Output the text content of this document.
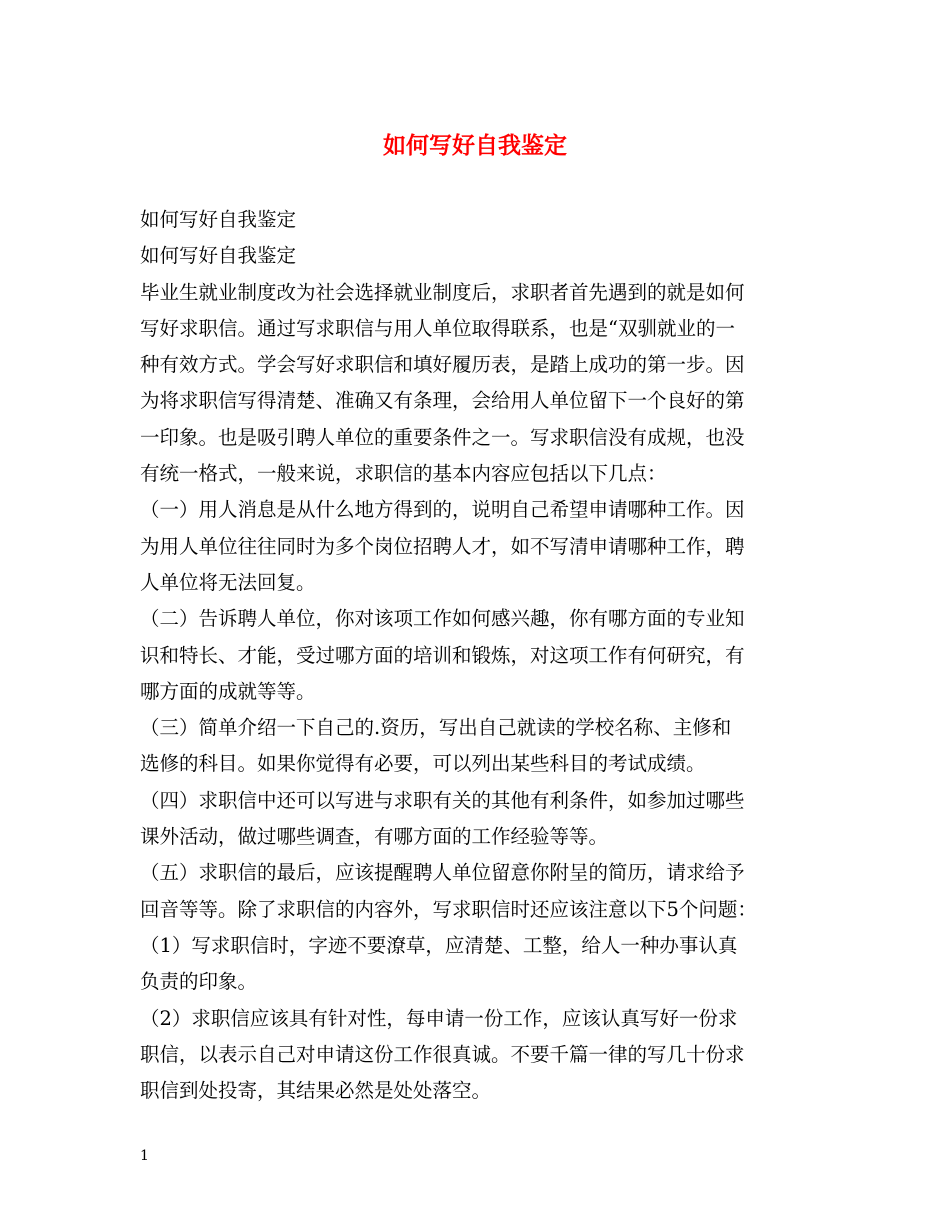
如何写好自我鉴定
如何写好自我鉴定
如何写好自我鉴定
毕业生就业制度改为社会选择就业制度后，求职者首先遇到的就是如何
写好求职信。通过写求职信与用人单位取得联系，也是“双驯就业的一
种有效方式。学会写好求职信和填好履历表，是踏上成功的第一步。因
为将求职信写得清楚、准确又有条理，会给用人单位留下一个良好的第
一印象。也是吸引聘人单位的重要条件之一。写求职信没有成规，也没
有统一格式，一般来说，求职信的基本内容应包括以下几点：
（一）用人消息是从什么地方得到的，说明自己希望申请哪种工作。因
为用人单位往往同时为多个岗位招聘人才，如不写清申请哪种工作，聘
人单位将无法回复。
（二）告诉聘人单位，你对该项工作如何感兴趣，你有哪方面的专业知
识和特长、才能，受过哪方面的培训和锻炼，对这项工作有何研究，有
哪方面的成就等等。
（三）简单介绍一下自己的.资历，写出自己就读的学校名称、主修和
选修的科目。如果你觉得有必要，可以列出某些科目的考试成绩。
（四）求职信中还可以写进与求职有关的其他有利条件，如参加过哪些
课外活动，做过哪些调查，有哪方面的工作经验等等。
（五）求职信的最后，应该提醒聘人单位留意你附呈的简历，请求给予
回音等等。除了求职信的内容外，写求职信时还应该注意以下5个问题：
（1）写求职信时，字迹不要潦草，应清楚、工整，给人一种办事认真
负责的印象。
（2）求职信应该具有针对性，每申请一份工作，应该认真写好一份求
职信，以表示自己对申请这份工作很真诚。不要千篇一律的写几十份求
职信到处投寄，其结果必然是处处落空。
1
